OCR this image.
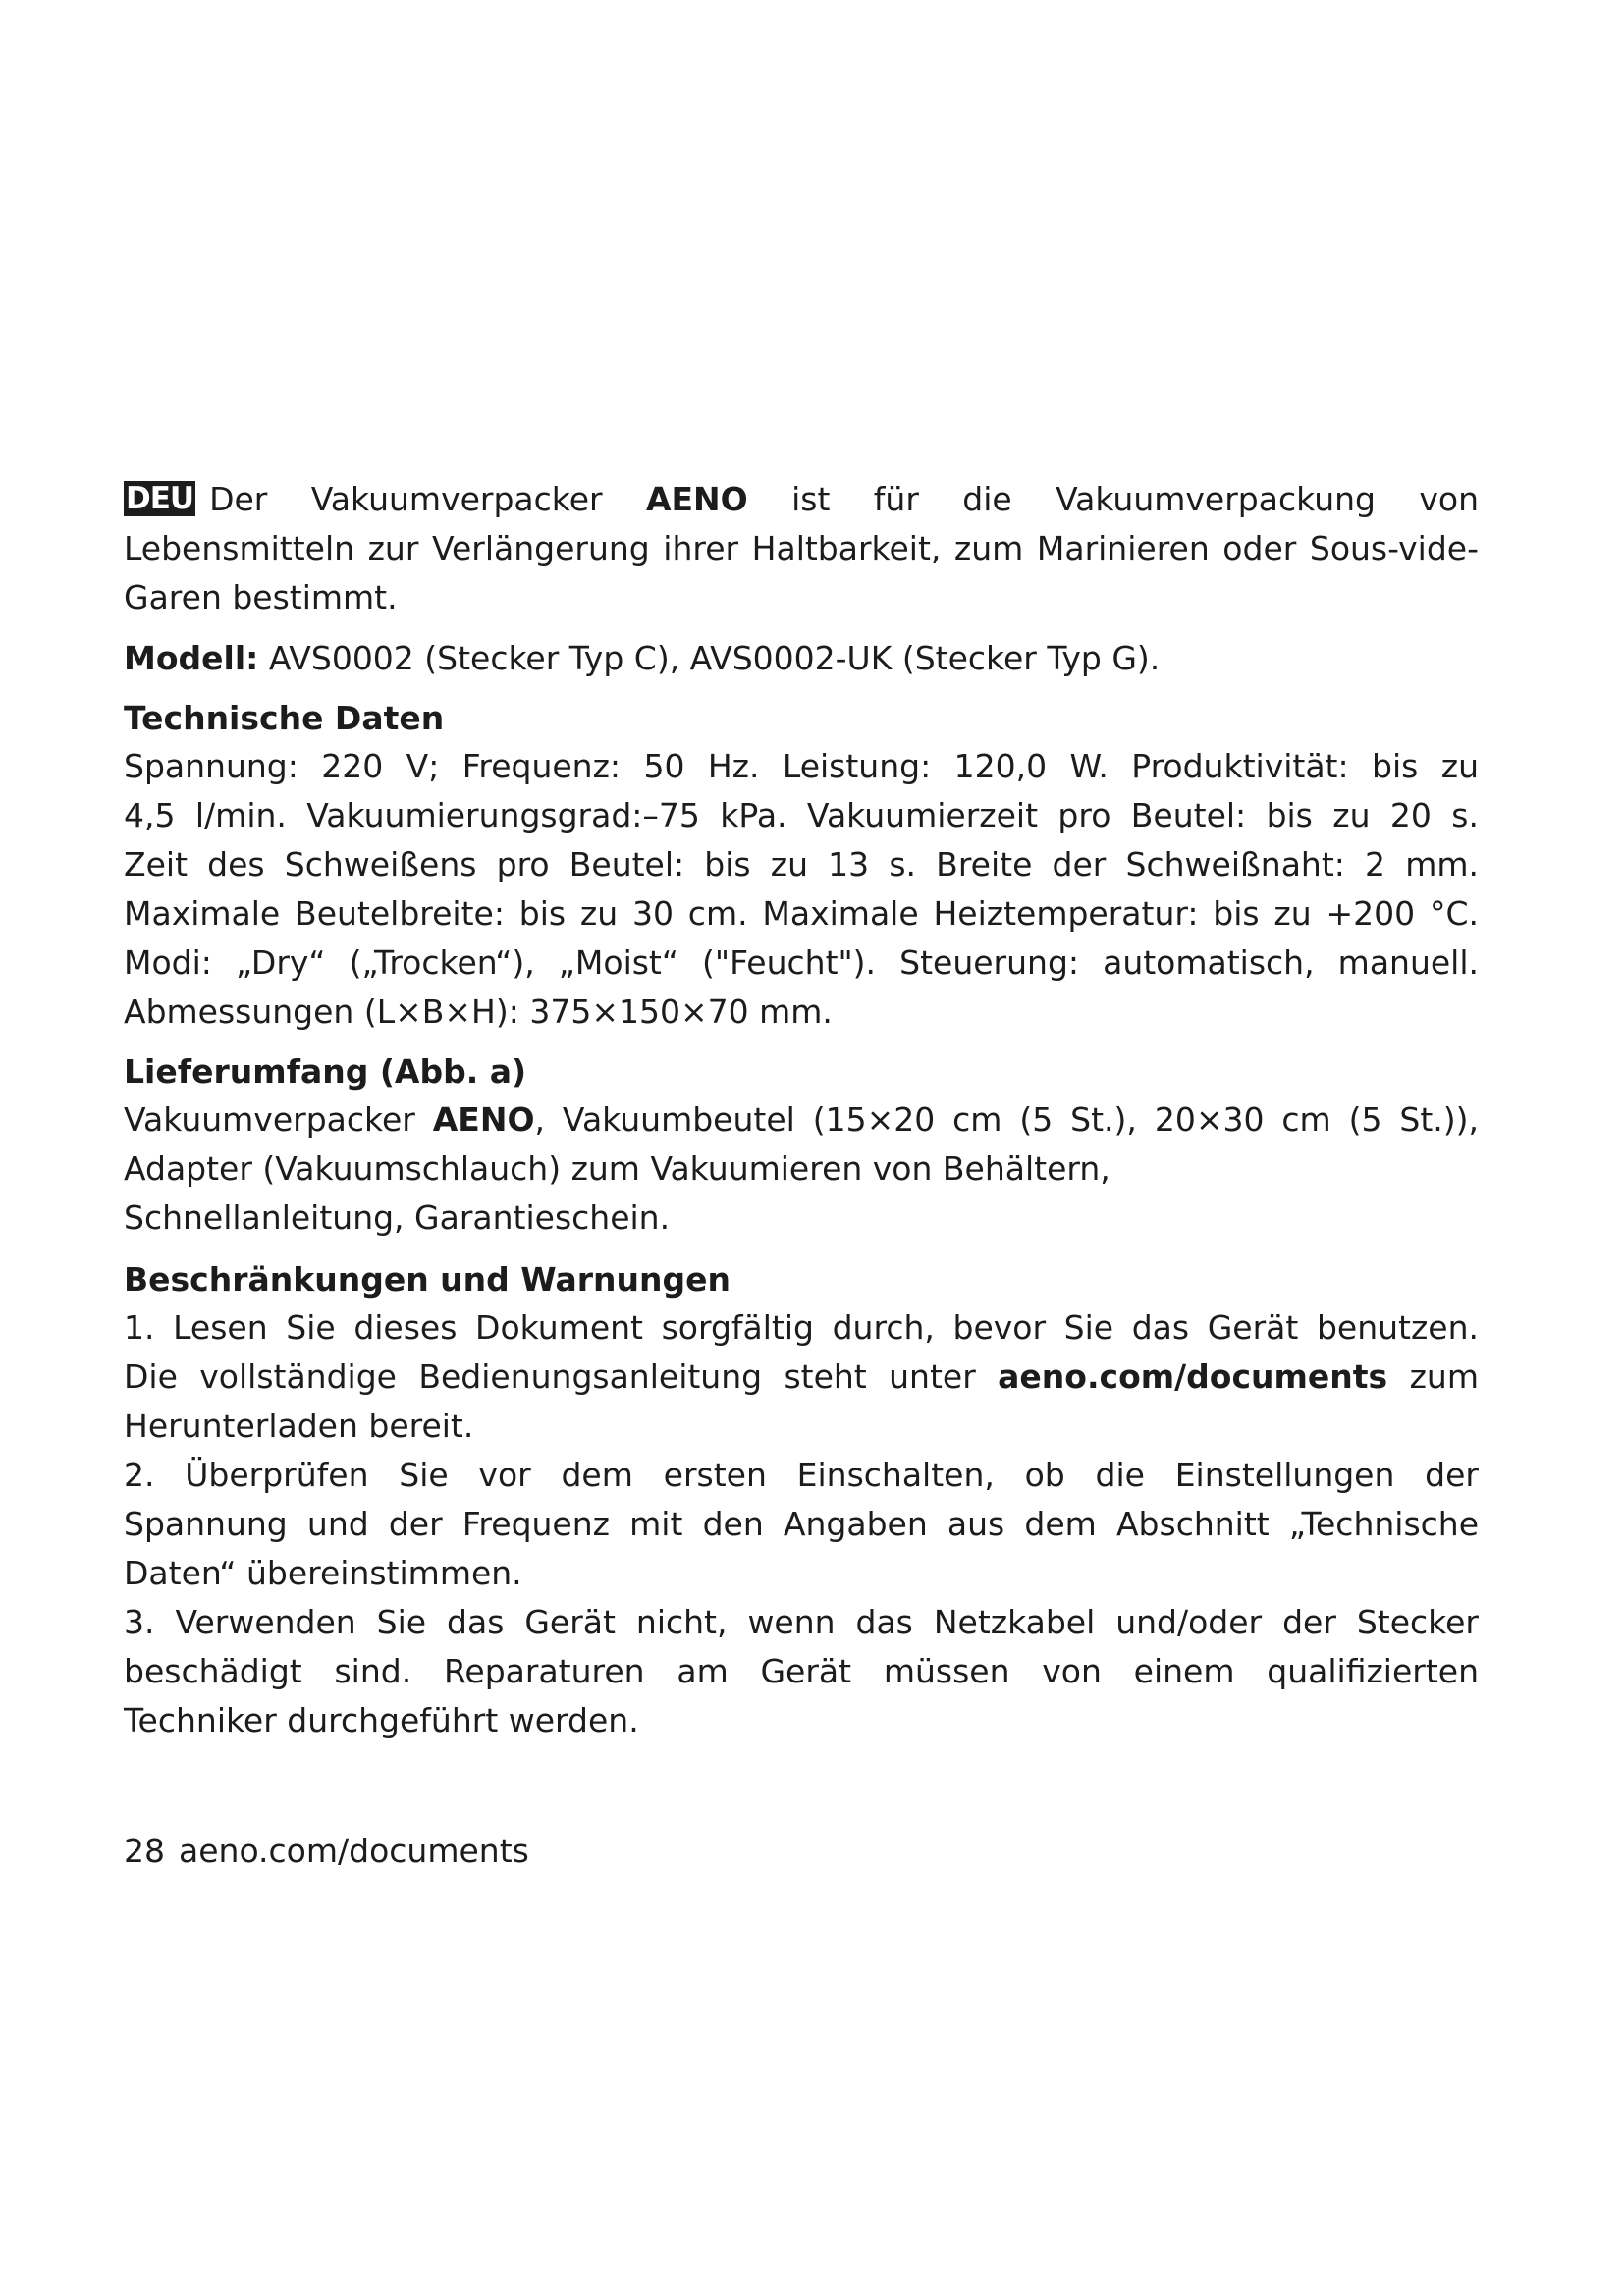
DEU Der Vakuumverpacker AENO ist für die Vakuumverpackung von Lebensmitteln zur Verlängerung ihrer Haltbarkeit, zum Marinieren oder Sous-vide-Garen bestimmt.

Modell: AVS0002 (Stecker Typ C), AVS0002-UK (Stecker Typ G).

Technische Daten
Spannung: 220 V; Frequenz: 50 Hz. Leistung: 120,0 W. Produktivität: bis zu
4,5 l/min. Vakuumierungsgrad:–75 kPa. Vakuumierzeit pro Beutel: bis zu 20 s.
Zeit des Schweißens pro Beutel: bis zu 13 s. Breite der Schweißnaht: 2 mm.
Maximale Beutelbreite: bis zu 30 cm. Maximale Heiztemperatur: bis zu +200 °C.
Modi: „Dry“ („Trocken“), „Moist“ ("Feucht"). Steuerung: automatisch, manuell.
Abmessungen (L×B×H): 375×150×70 mm.
Lieferumfang (Abb. a)
Vakuumverpacker AENO, Vakuumbeutel (15×20 cm (5 St.), 20×30 cm (5 St.)),
Adapter (Vakuumschlauch) zum Vakuumieren von Behältern,
Schnellanleitung, Garantieschein.
Beschränkungen und Warnungen
1. Lesen Sie dieses Dokument sorgfältig durch, bevor Sie das Gerät benutzen.
Die vollständige Bedienungsanleitung steht unter aeno.com/documents zum
Herunterladen bereit.
2. Überprüfen Sie vor dem ersten Einschalten, ob die Einstellungen der
Spannung und der Frequenz mit den Angaben aus dem Abschnitt „Technische
Daten“ übereinstimmen.
3. Verwenden Sie das Gerät nicht, wenn das Netzkabel und/oder der Stecker
beschädigt sind. Reparaturen am Gerät müssen von einem qualifizierten
Techniker durchgeführt werden.
28 aeno.com/documents
